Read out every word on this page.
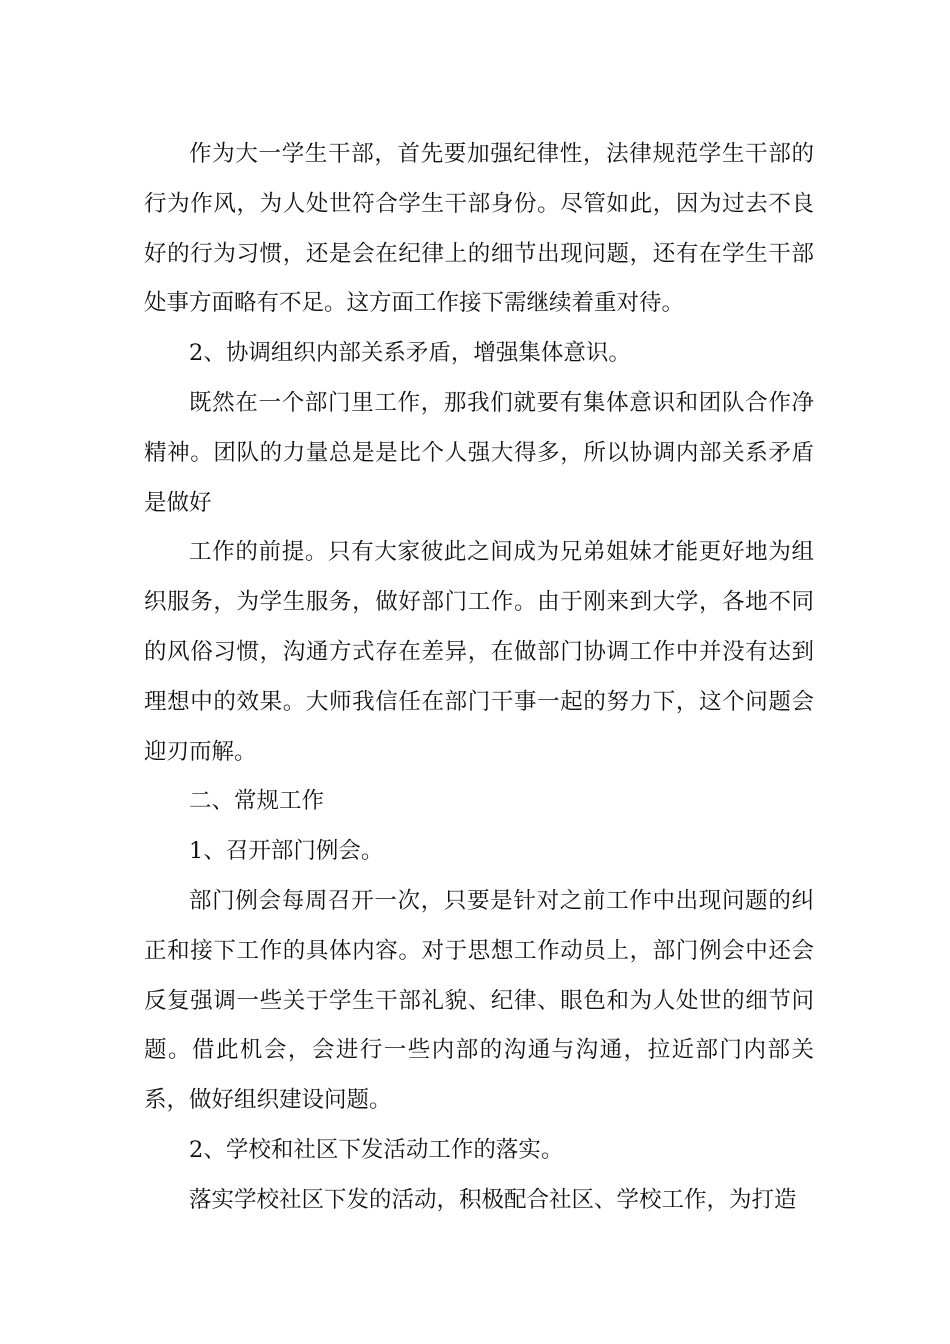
作为大一学生干部，首先要加强纪律性，法律规范学生干部的行为作风，为人处世符合学生干部身份。尽管如此，因为过去不良好的行为习惯，还是会在纪律上的细节出现问题，还有在学生干部处事方面略有不足。这方面工作接下需继续着重对待。

2、协调组织内部关系矛盾，增强集体意识。

既然在一个部门里工作，那我们就要有集体意识和团队合作净精神。团队的力量总是是比个人强大得多，所以协调内部关系矛盾是做好

工作的前提。只有大家彼此之间成为兄弟姐妹才能更好地为组织服务，为学生服务，做好部门工作。由于刚来到大学，各地不同的风俗习惯，沟通方式存在差异，在做部门协调工作中并没有达到理想中的效果。大师我信任在部门干事一起的努力下，这个问题会迎刃而解。

二、常规工作

1、召开部门例会。

部门例会每周召开一次，只要是针对之前工作中出现问题的纠正和接下工作的具体内容。对于思想工作动员上，部门例会中还会反复强调一些关于学生干部礼貌、纪律、眼色和为人处世的细节问题。借此机会，会进行一些内部的沟通与沟通，拉近部门内部关系，做好组织建设问题。

2、学校和社区下发活动工作的落实。

落实学校社区下发的活动，积极配合社区、学校工作，为打造
